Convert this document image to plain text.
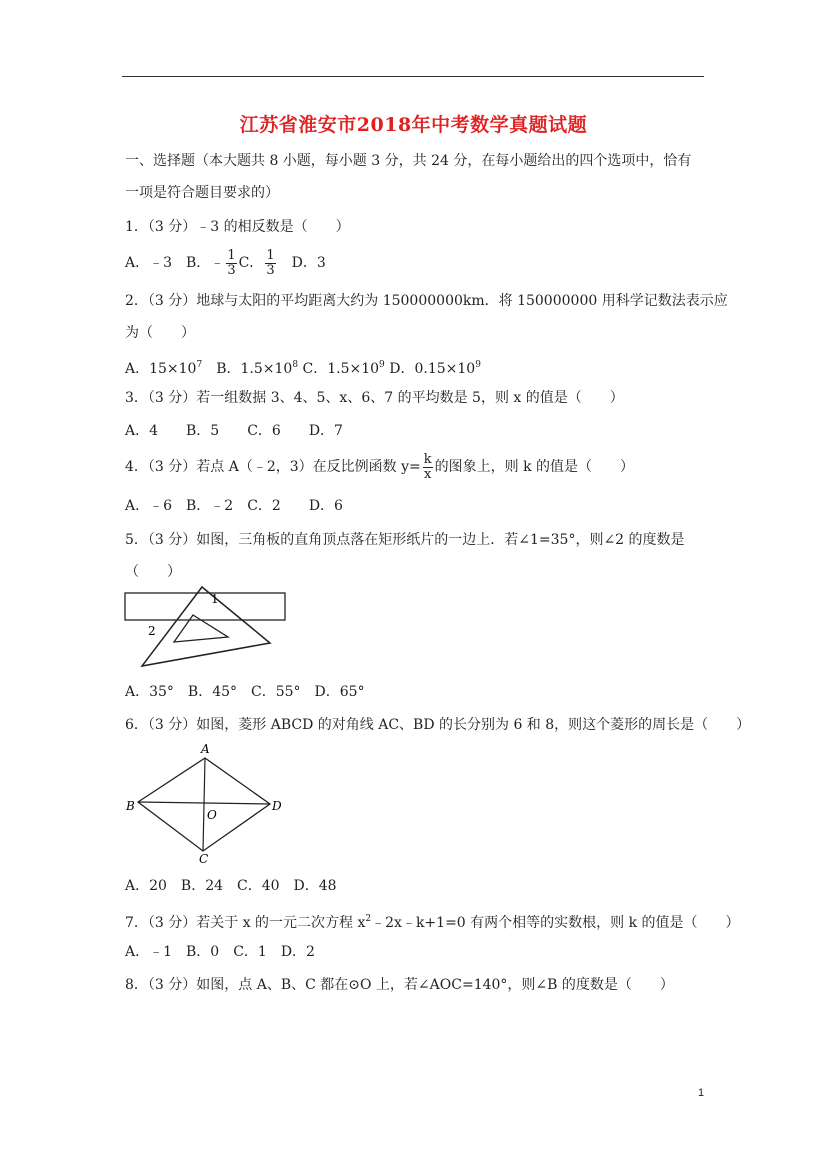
江苏省淮安市2018年中考数学真题试题
一、选择题（本大题共 8 小题，每小题 3 分，共 24 分，在每小题给出的四个选项中，恰有
一项是符合题目要求的）
1．（3 分）﹣3 的相反数是（　　）
A．﹣3　B．﹣ $\frac{1}{3}$ C． $\frac{1}{3}$ 　D．3
2．（3 分）地球与太阳的平均距离大约为 150000000km．将 150000000 用科学记数法表示应
为（　　）
A．$15\times 10^7$　B．$1.5\times 10^8$ C．$1.5\times 10^9$ D．$0.15\times 10^9$
3．（3 分）若一组数据 3、4、5、x、6、7 的平均数是 5，则 x 的值是（　　）
A．4　　B．5　　C．6　　D．7
4．（3 分）若点 A（﹣2，3）在反比例函数 $y= \frac{k}{x}$ 的图象上，则 k 的值是（　　）
A．﹣6　B．﹣2　C．2　　D．6
5．（3 分）如图，三角板的直角顶点落在矩形纸片的一边上．若∠1=35°，则∠2 的度数是
（　　）
1
2
A．35°　B．45°　C．55°　D．65°
6．（3 分）如图，菱形 ABCD 的对角线 AC、BD 的长分别为 6 和 8，则这个菱形的周长是（　　）
A
B	D
C
O
A．20　B．24　C．40　D．48
7．（3 分）若关于 x 的一元二次方程 $x^2﹣2x﹣k+1=0$ 有两个相等的实数根，则 k 的值是（　　）
A．﹣1　B．0　C．1　D．2
8．（3 分）如图，点 A、B、C 都在⊙O 上，若∠AOC=140°，则∠B 的度数是（　　）
1
